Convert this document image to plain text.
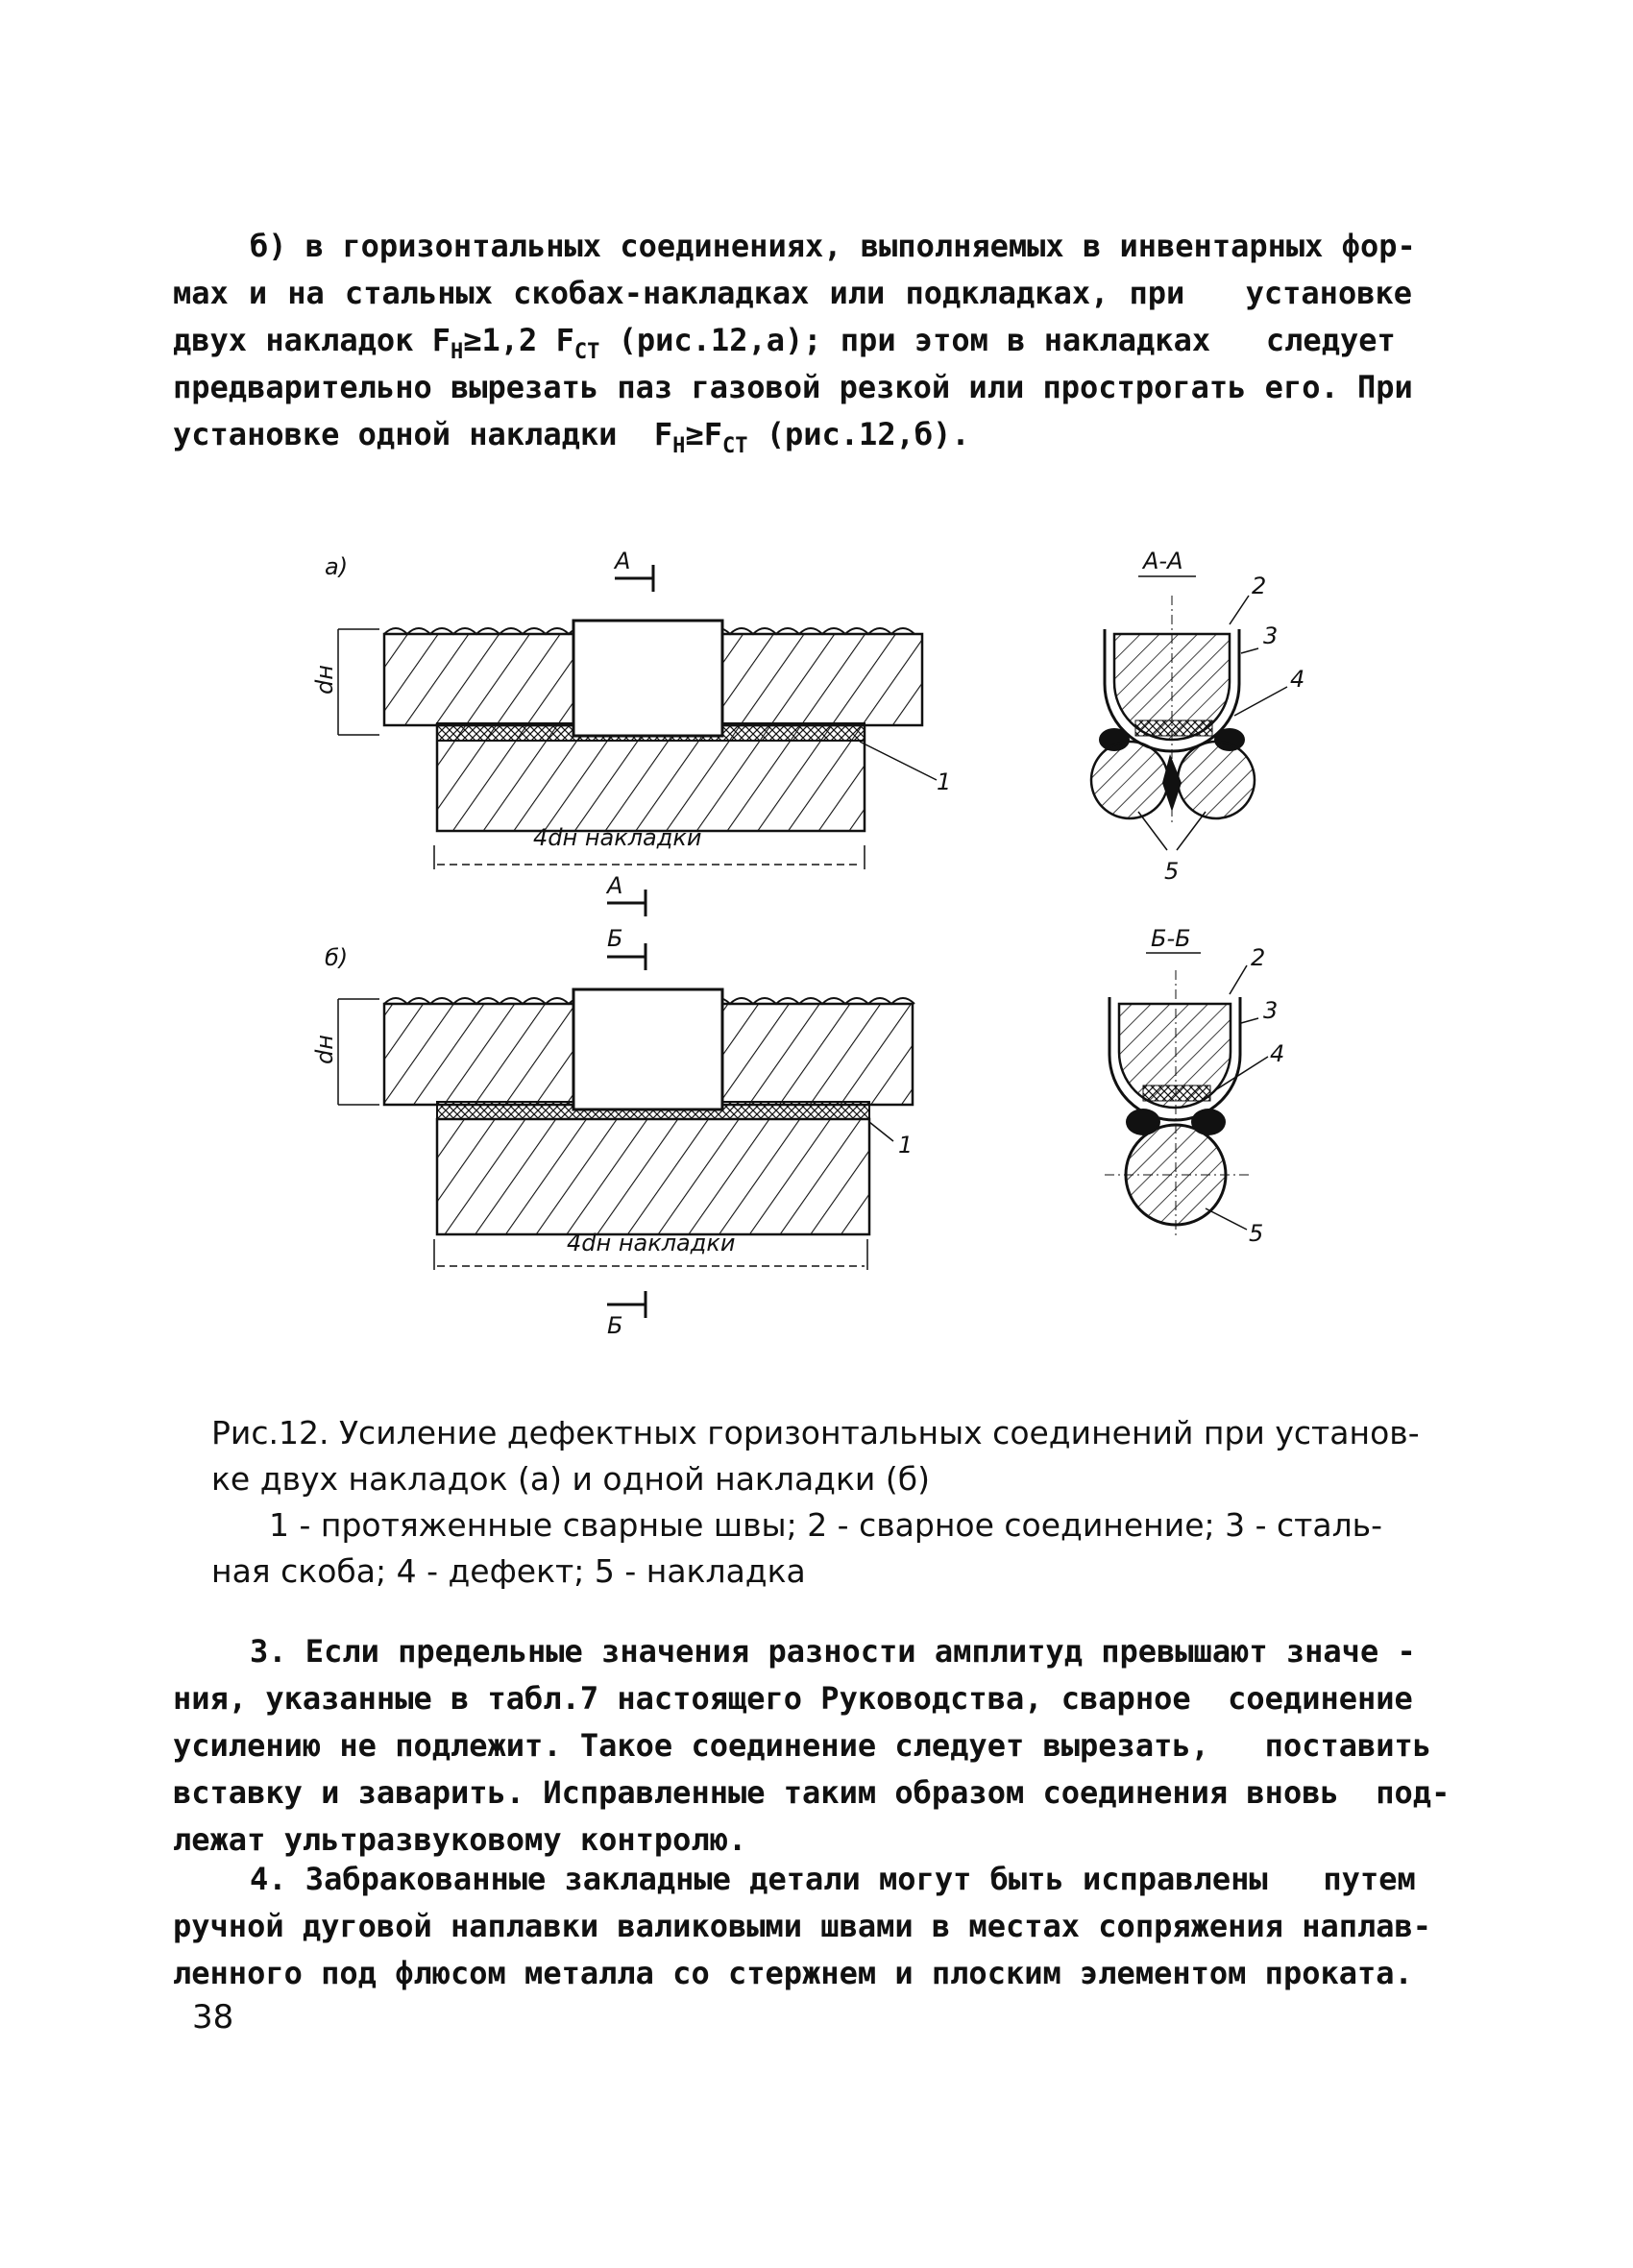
б) в горизонтальных соединениях, выполняемых в инвентарных фор-
мах и на стальных скобах-накладках или подкладках, при   установке
двух накладок $F_H\ge 1,2$ $F_{CT}$ (рис.12,а); при этом в накладках   следует
предварительно вырезать паз газовой резкой или прострогать его. При
установке одной накладки $F_H\ge F_{CT}$ (рис.12,б).
a)	A
dн
4dн накладки
1
A
A-A
2
3
4
5
б)
Б
dн
4dн накладки
1
Б
Б-Б
2
3
4
5
Рис.12. Усиление дефектных горизонтальных соединений при установ-
ке двух накладок (а) и одной накладки (б)
1 - протяженные сварные швы; 2 - сварное соединение; 3 - сталь-
ная скоба; 4 - дефект; 5 - накладка
3. Если предельные значения разности амплитуд превышают значе -
ния, указанные в табл.7 настоящего Руководства, сварное  соединение
усилению не подлежит. Такое соединение следует вырезать,   поставить
вставку и заварить. Исправленные таким образом соединения вновь  под-
лежат ультразвуковому контролю.
4. Забракованные закладные детали могут быть исправлены   путем
ручной дуговой наплавки валиковыми швами в местах сопряжения наплав-
ленного под флюсом металла со стержнем и плоским элементом проката.
38
